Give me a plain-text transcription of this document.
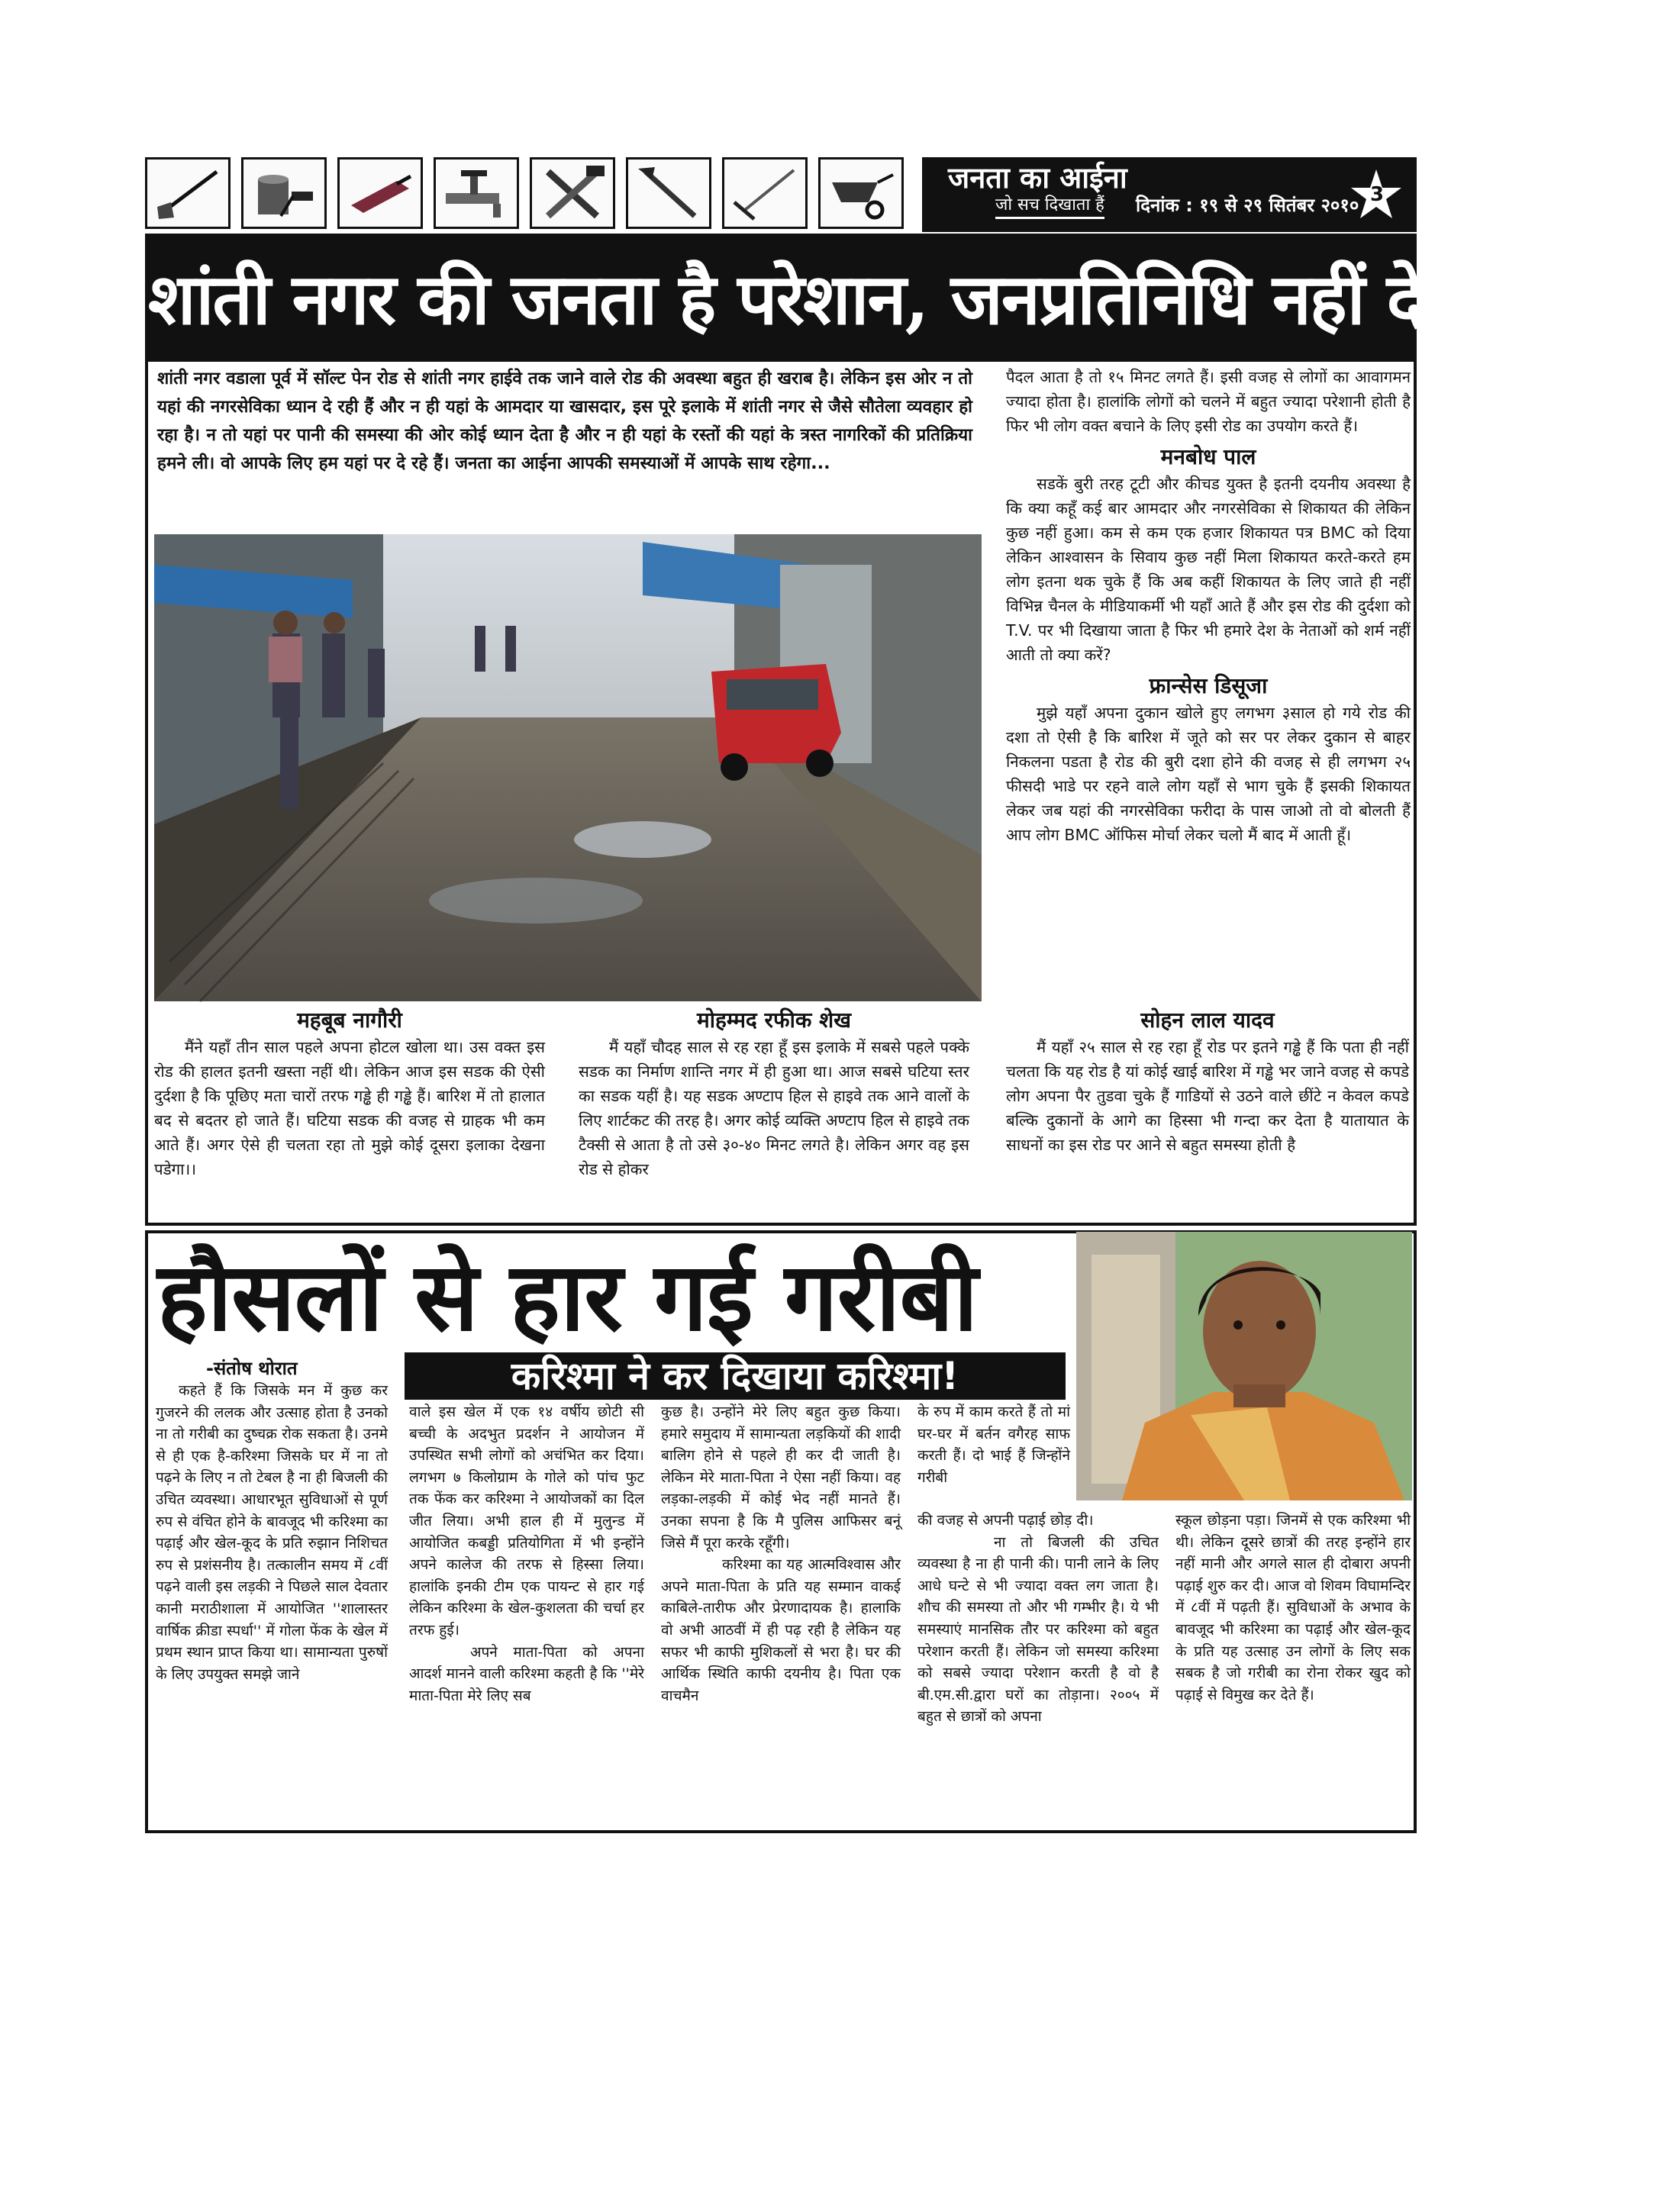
जनता का आईना
जो सच दिखाता हैं दिनांक : १९ से २९ सितंबर २०१० 3
शांती नगर की जनता है परेशान, जनप्रतिनिधि नहीं दे रहे ध्यान!
शांती नगर वडाला पूर्व में सॉल्ट पेन रोड से शांती नगर हाईवे तक जाने वाले रोड की अवस्था बहुत ही खराब है। लेकिन इस ओर न तो यहां की नगरसेविका ध्यान दे रही हैं और न ही यहां के आमदार या खासदार, इस पूरे इलाके में शांती नगर से जैसे सौतेला व्यवहार हो रहा है। न तो यहां पर पानी की समस्या की ओर कोई ध्यान देता है और न ही यहां के रस्तों की यहां के त्रस्त नागरिकों की प्रतिक्रिया हमने ली। वो आपके लिए हम यहां पर दे रहे हैं। जनता का आईना आपकी समस्याओं में आपके साथ रहेगा...

पैदल आता है तो १५ मिनट लगते हैं। इसी वजह से लोगों का आवागमन ज्यादा होता है। हालांकि लोगों को चलने में बहुत ज्यादा परेशानी होती है फिर भी लोग वक्त बचाने के लिए इसी रोड का उपयोग करते हैं।

मनबोध पाल

सडकें बुरी तरह टूटी और कीचड युक्त है इतनी दयनीय अवस्था है कि क्या कहूँ कई बार आमदार और नगरसेविका से शिकायत की लेकिन कुछ नहीं हुआ। कम से कम एक हजार शिकायत पत्र BMC को दिया लेकिन आश्वासन के सिवाय कुछ नहीं मिला शिकायत करते-करते हम लोग इतना थक चुके हैं कि अब कहीं शिकायत के लिए जाते ही नहीं विभिन्न चैनल के मीडियाकर्मी भी यहाँ आते हैं और इस रोड की दुर्दशा को T.V. पर भी दिखाया जाता है फिर भी हमारे देश के नेताओं को शर्म नहीं आती तो क्या करें?

फ्रान्सेस डिसूजा

मुझे यहाँ अपना दुकान खोले हुए लगभग ३साल हो गये रोड की दशा तो ऐसी है कि बारिश में जूते को सर पर लेकर दुकान से बाहर निकलना पडता है रोड की बुरी दशा होने की वजह से ही लगभग २५ फीसदी भाडे पर रहने वाले लोग यहाँ से भाग चुके हैं इसकी शिकायत लेकर जब यहां की नगरसेविका फरीदा के पास जाओ तो वो बोलती हैं आप लोग BMC ऑफिस मोर्चा लेकर चलो मैं बाद में आती हूँ।

महबूब नागौरी

मैंने यहाँ तीन साल पहले अपना होटल खोला था। उस वक्त इस रोड की हालत इतनी खस्ता नहीं थी। लेकिन आज इस सडक की ऐसी दुर्दशा है कि पूछिए मता चारों तरफ गड्ढे ही गड्ढे हैं। बारिश में तो हालात बद से बदतर हो जाते हैं। घटिया सडक की वजह से ग्राहक भी कम आते हैं। अगर ऐसे ही चलता रहा तो मुझे कोई दूसरा इलाका देखना पडेगा।।

मोहम्मद रफीक शेख

मैं यहाँ चौदह साल से रह रहा हूँ इस इलाके में सबसे पहले पक्के सडक का निर्माण शान्ति नगर में ही हुआ था। आज सबसे घटिया स्तर का सडक यहीं है। यह सडक अण्टाप हिल से हाइवे तक आने वालों के लिए शार्टकट की तरह है। अगर कोई व्यक्ति अण्टाप हिल से हाइवे तक टैक्सी से आता है तो उसे ३०-४० मिनट लगते है। लेकिन अगर वह इस रोड से होकर

सोहन लाल यादव

मैं यहाँ २५ साल से रह रहा हूँ रोड पर इतने गड्ढे हैं कि पता ही नहीं चलता कि यह रोड है यां कोई खाई बारिश में गड्ढे भर जाने वजह से कपडे लोग अपना पैर तुडवा चुके हैं गाडियों से उठने वाले छींटे न केवल कपडे बल्कि दुकानों के आगे का हिस्सा भी गन्दा कर देता है यातायात के साधनों का इस रोड पर आने से बहुत समस्या होती है

हौसलों से हार गई गरीबी
करिश्मा ने कर दिखाया करिश्मा!
-संतोष थोरात
कहते हैं कि जिसके मन में कुछ कर गुजरने की ललक और उत्साह होता है उनको ना तो गरीबी का दुष्चक्र रोक सकता है। उनमे से ही एक है-करिश्मा जिसके घर में ना तो पढ़ने के लिए न तो टेबल है ना ही बिजली की उचित व्यवस्था। आधारभूत सुविधाओं से पूर्ण रुप से वंचित होने के बावजूद भी करिश्मा का पढ़ाई और खेल-कूद के प्रति रुझान निशिचत रुप से प्रशंसनीय है। तत्कालीन समय में ८वीं पढ़ने वाली इस लड़की ने पिछले साल देवतार कानी मराठीशाला में आयोजित ''शालास्तर वार्षिक क्रीडा स्पर्धा'' में गोला फेंक के खेल में प्रथम स्थान प्राप्त किया था। सामान्यता पुरुषों के लिए उपयुक्त समझे जाने

वाले इस खेल में एक १४ वर्षीय छोटी सी बच्ची के अदभुत प्रदर्शन ने आयोजन में उपस्थित सभी लोगों को अचंभित कर दिया। लगभग ७ किलोग्राम के गोले को पांच फुट तक फेंक कर करिश्मा ने आयोजकों का दिल जीत लिया। अभी हाल ही में मुलुन्ड में आयोजित कबड्डी प्रतियोगिता में भी इन्होंने अपने कालेज की तरफ से हिस्सा लिया। हालांकि इनकी टीम एक पायन्ट से हार गई लेकिन करिश्मा के खेल-कुशलता की चर्चा हर तरफ हुई।

अपने माता-पिता को अपना आदर्श मानने वाली करिश्मा कहती है कि ''मेरे माता-पिता मेरे लिए सब

कुछ है। उन्होंने मेरे लिए बहुत कुछ किया। हमारे समुदाय में सामान्यता लड़कियों की शादी बालिग होने से पहले ही कर दी जाती है। लेकिन मेरे माता-पिता ने ऐसा नहीं किया। वह लड़का-लड़की में कोई भेद नहीं मानते हैं। उनका सपना है कि मै पुलिस आफिसर बनूं जिसे मैं पूरा करके रहूँगी।

करिश्मा का यह आत्मविश्वास और अपने माता-पिता के प्रति यह सम्मान वाकई काबिले-तारीफ और प्रेरणादायक है। हालाकि वो अभी आठवीं में ही पढ़ रही है लेकिन यह सफर भी काफी मुशिकलों से भरा है। घर की आर्थिक स्थिति काफी दयनीय है। पिता एक वाचमैन

के रुप में काम करते हैं तो मां घर-घर में बर्तन वगैरह साफ करती हैं। दो भाई हैं जिन्होंने गरीबी

की वजह से अपनी पढ़ाई छोड़ दी।

ना तो बिजली की उचित व्यवस्था है ना ही पानी की। पानी लाने के लिए आधे घन्टे से भी ज्यादा वक्त लग जाता है। शौच की समस्या तो और भी गम्भीर है। ये भी समस्याएं मानसिक तौर पर करिश्मा को बहुत परेशान करती हैं। लेकिन जो समस्या करिश्मा को सबसे ज्यादा परेशान करती है वो है बी.एम.सी.द्वारा घरों का तोड़ाना। २००५ में बहुत से छात्रों को अपना

स्कूल छोड़ना पड़ा। जिनमें से एक करिश्मा भी थी। लेकिन दूसरे छात्रों की तरह इन्होंने हार नहीं मानी और अगले साल ही दोबारा अपनी पढ़ाई शुरु कर दी। आज वो शिवम विघामन्दिर में ८वीं में पढ़ती हैं। सुविधाओं के अभाव के बावजूद भी करिश्मा का पढ़ाई और खेल-कूद के प्रति यह उत्साह उन लोगों के लिए सक सबक है जो गरीबी का रोना रोकर खुद को पढ़ाई से विमुख कर देते हैं।
